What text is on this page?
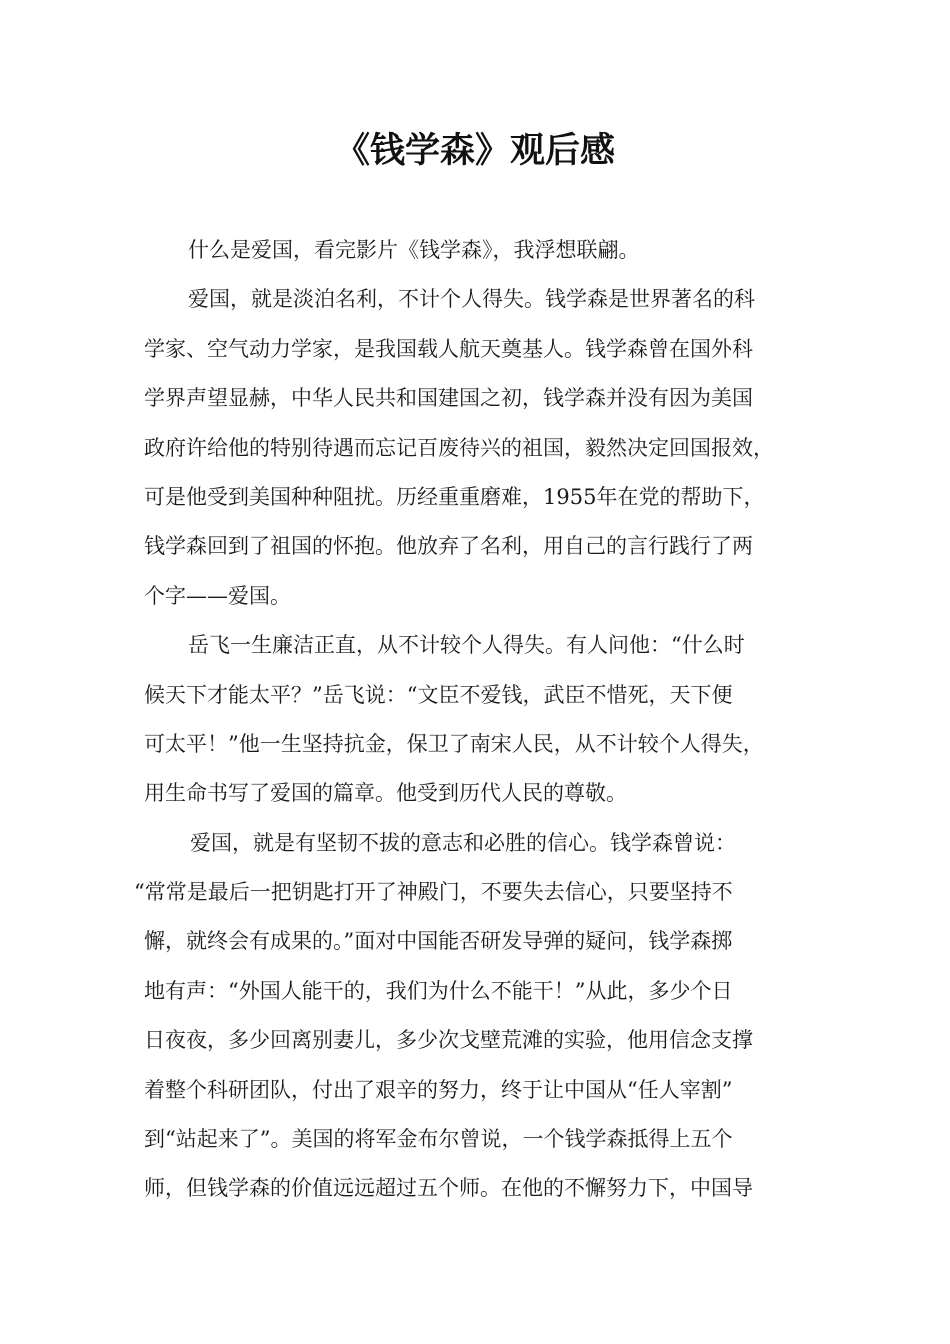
《钱学森》观后感

什么是爱国，看完影片《钱学森》，我浮想联翩。

爱国，就是淡泊名利，不计个人得失。钱学森是世界著名的科

学家、空气动力学家，是我国载人航天奠基人。钱学森曾在国外科

学界声望显赫，中华人民共和国建国之初，钱学森并没有因为美国

政府许给他的特别待遇而忘记百废待兴的祖国，毅然决定回国报效，

可是他受到美国种种阻扰。历经重重磨难，1955年在党的帮助下，

钱学森回到了祖国的怀抱。他放弃了名利，用自己的言行践行了两

个字——爱国。

岳飞一生廉洁正直，从不计较个人得失。有人问他：“什么时

候天下才能太平？”岳飞说：“文臣不爱钱，武臣不惜死，天下便

可太平！”他一生坚持抗金，保卫了南宋人民，从不计较个人得失，

用生命书写了爱国的篇章。他受到历代人民的尊敬。

爱国，就是有坚韧不拔的意志和必胜的信心。钱学森曾说：

“常常是最后一把钥匙打开了神殿门，不要失去信心，只要坚持不

懈，就终会有成果的。”面对中国能否研发导弹的疑问，钱学森掷

地有声：“外国人能干的，我们为什么不能干！”从此，多少个日

日夜夜，多少回离别妻儿，多少次戈壁荒滩的实验，他用信念支撑

着整个科研团队，付出了艰辛的努力，终于让中国从“任人宰割”

到“站起来了”。美国的将军金布尔曾说，一个钱学森抵得上五个

师，但钱学森的价值远远超过五个师。在他的不懈努力下，中国导
